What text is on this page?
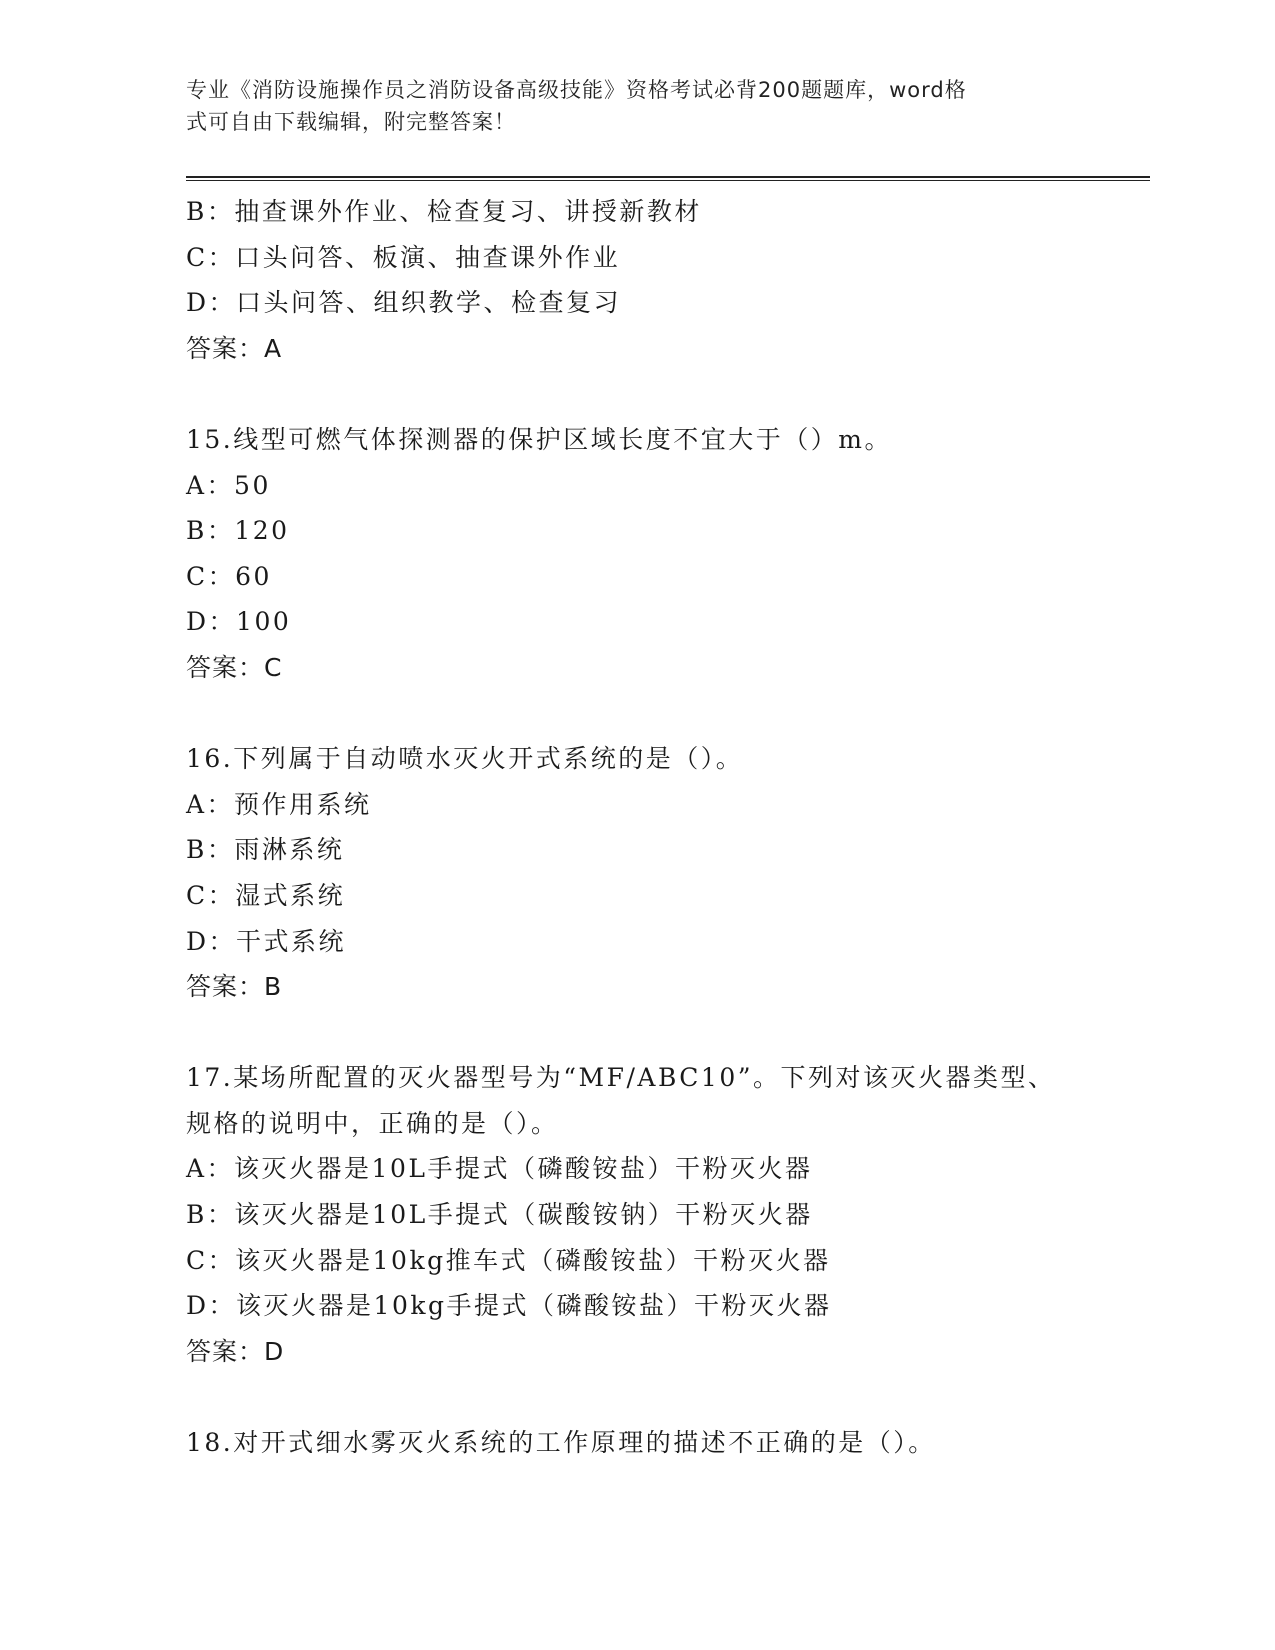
专业《消防设施操作员之消防设备高级技能》资格考试必背200题题库，word格
式可自由下载编辑，附完整答案！
B：抽查课外作业、检查复习、讲授新教材
C：口头问答、板演、抽查课外作业
D：口头问答、组织教学、检查复习
答案：A
15.线型可燃气体探测器的保护区域长度不宜大于（）m。
A：50
B：120
C：60
D：100
答案：C
16.下列属于自动喷水灭火开式系统的是（）。
A：预作用系统
B：雨淋系统
C：湿式系统
D：干式系统
答案：B
17.某场所配置的灭火器型号为“MF/ABC10”。下列对该灭火器类型、
规格的说明中，正确的是（）。
A：该灭火器是10L手提式（磷酸铵盐）干粉灭火器
B：该灭火器是10L手提式（碳酸铵钠）干粉灭火器
C：该灭火器是10kg推车式（磷酸铵盐）干粉灭火器
D：该灭火器是10kg手提式（磷酸铵盐）干粉灭火器
答案：D
18.对开式细水雾灭火系统的工作原理的描述不正确的是（）。
